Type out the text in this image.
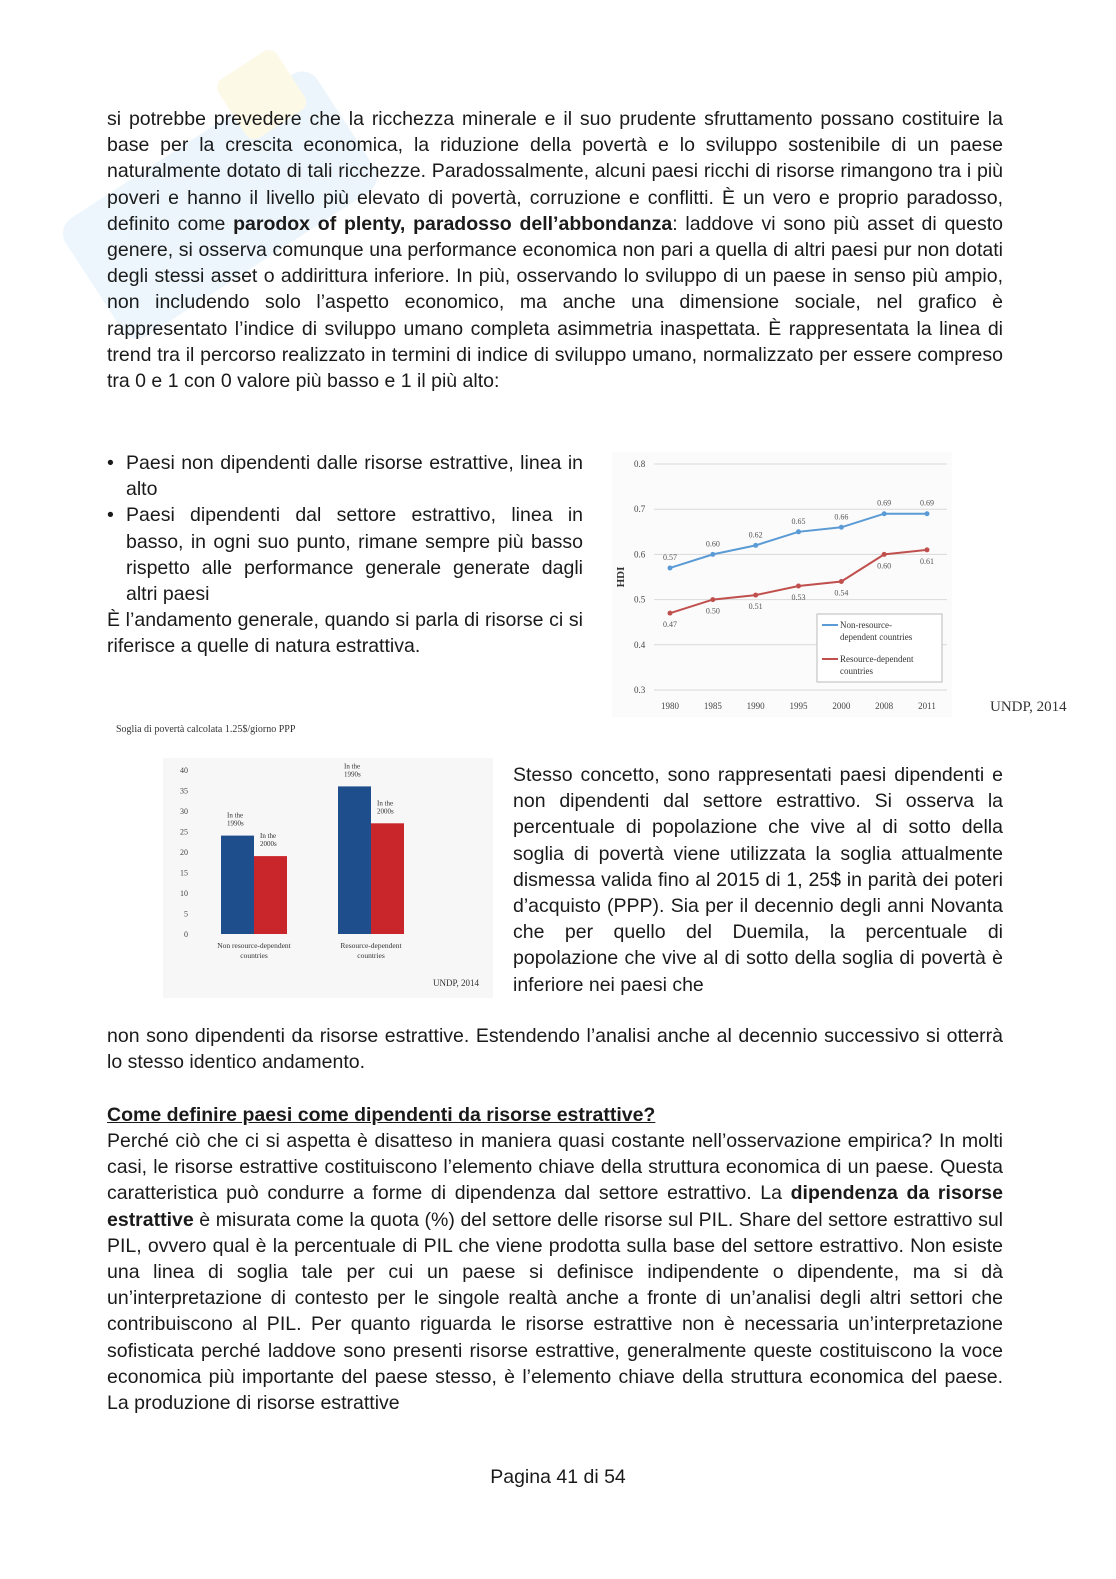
si potrebbe prevedere che la ricchezza minerale e il suo prudente sfruttamento possano costituire la base per la crescita economica, la riduzione della povertà e lo sviluppo sostenibile di un paese naturalmente dotato di tali ricchezze. Paradossalmente, alcuni paesi ricchi di risorse rimangono tra i più poveri e hanno il livello più elevato di povertà, corruzione e conflitti. È un vero e proprio paradosso, definito come parodox of plenty, paradosso dell’abbondanza: laddove vi sono più asset di questo genere, si osserva comunque una performance economica non pari a quella di altri paesi pur non dotati degli stessi asset o addirittura inferiore. In più, osservando lo sviluppo di un paese in senso più ampio, non includendo solo l’aspetto economico, ma anche una dimensione sociale, nel grafico è rappresentato l’indice di sviluppo umano completa asimmetria inaspettata. È rappresentata la linea di trend tra il percorso realizzato in termini di indice di sviluppo umano, normalizzato per essere compreso tra 0 e 1 con 0 valore più basso e 1 il più alto:

• Paesi non dipendenti dalle risorse estrattive, linea in alto
• Paesi dipendenti dal settore estrattivo, linea in basso, in ogni suo punto, rimane sempre più basso rispetto alle performance generale generate dagli altri paesi
È l’andamento generale, quando si parla di risorse ci si riferisce a quelle di natura estrattiva.
0.3
0.4
0.5
0.6
0.7
0.8
1980	1985	1990	1995	2000	2008	2011
0.57
0.60
0.62
0.65
0.66
0.69	0.69
0.47
0.50
0.51
0.53
0.54
0.60
0.61
HDI
Non-resource-
dependent countries
Resource-dependent
countries
UNDP, 2014
Soglia di povertà calcolata 1.25$/giorno PPP
0
5
10
15
20
25
30
35
40
In the
1990s
In the
2000s
In the
1990s
In the
2000s
Non resource-dependent
countries
Resource-dependent
countries
UNDP, 2014

Stesso concetto, sono rappresentati paesi dipendenti e non dipendenti dal settore estrattivo. Si osserva la percentuale di popolazione che vive al di sotto della soglia di povertà viene utilizzata la soglia attualmente dismessa valida fino al 2015 di 1, 25$ in parità dei poteri d’acquisto (PPP). Sia per il decennio degli anni Novanta che per quello del Duemila, la percentuale di popolazione che vive al di sotto della soglia di povertà è inferiore nei paesi che

non sono dipendenti da risorse estrattive. Estendendo l’analisi anche al decennio successivo si otterrà lo stesso identico andamento.

Come definire paesi come dipendenti da risorse estrattive?

Perché ciò che ci si aspetta è disatteso in maniera quasi costante nell’osservazione empirica? In molti casi, le risorse estrattive costituiscono l’elemento chiave della struttura economica di un paese. Questa caratteristica può condurre a forme di dipendenza dal settore estrattivo. La dipendenza da risorse estrattive è misurata come la quota (%) del settore delle risorse sul PIL. Share del settore estrattivo sul PIL, ovvero qual è la percentuale di PIL che viene prodotta sulla base del settore estrattivo. Non esiste una linea di soglia tale per cui un paese si definisce indipendente o dipendente, ma si dà un’interpretazione di contesto per le singole realtà anche a fronte di un’analisi degli altri settori che contribuiscono al PIL. Per quanto riguarda le risorse estrattive non è necessaria un’interpretazione sofisticata perché laddove sono presenti risorse estrattive, generalmente queste costituiscono la voce economica più importante del paese stesso, è l’elemento chiave della struttura economica del paese. La produzione di risorse estrattive

Pagina 41 di 54
